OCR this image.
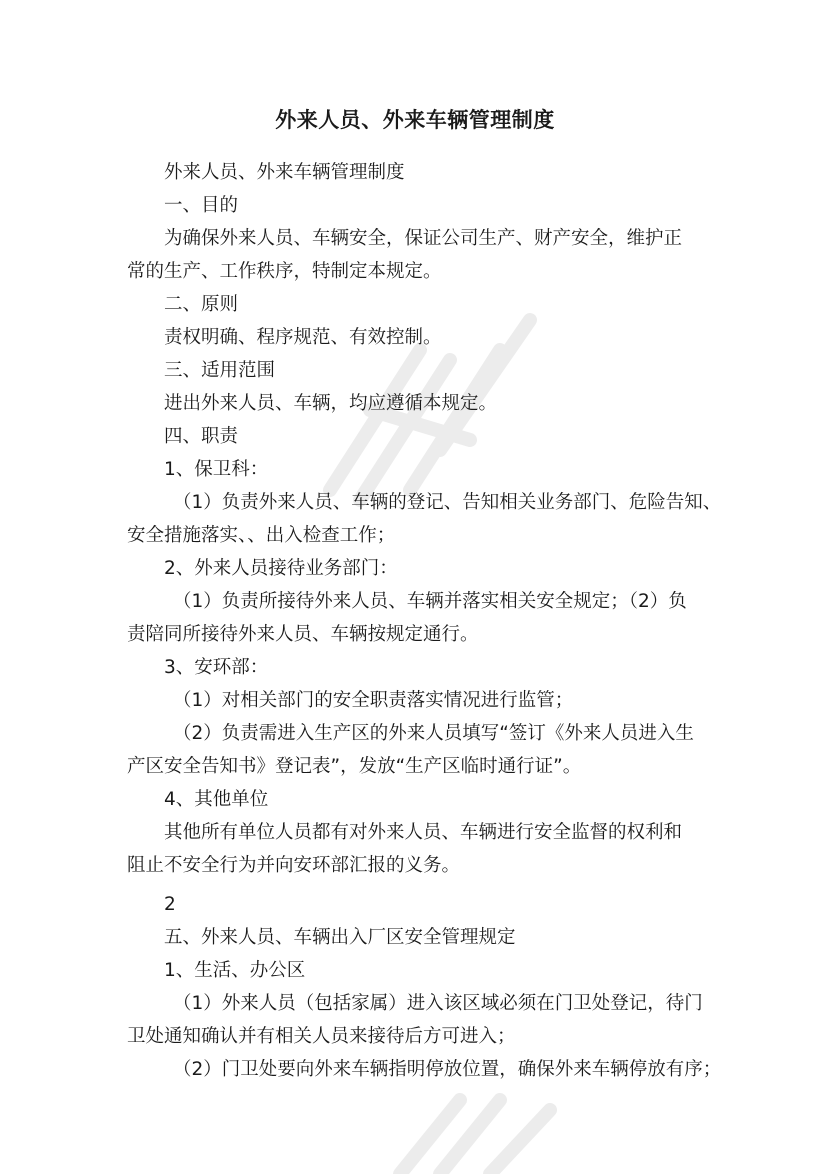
外来人员、外来车辆管理制度

外来人员、外来车辆管理制度

一、目的

为确保外来人员、车辆安全，保证公司生产、财产安全，维护正

常的生产、工作秩序，特制定本规定。

二、原则

责权明确、程序规范、有效控制。

三、适用范围

进出外来人员、车辆，均应遵循本规定。

四、职责

1、保卫科：

（1）负责外来人员、车辆的登记、告知相关业务部门、危险告知、

安全措施落实、、出入检查工作；

2、外来人员接待业务部门：

（1）负责所接待外来人员、车辆并落实相关安全规定；（2）负

责陪同所接待外来人员、车辆按规定通行。

3、安环部：

（1）对相关部门的安全职责落实情况进行监管；

（2）负责需进入生产区的外来人员填写“签订《外来人员进入生

产区安全告知书》登记表”，发放“生产区临时通行证”。

4、其他单位

其他所有单位人员都有对外来人员、车辆进行安全监督的权利和

阻止不安全行为并向安环部汇报的义务。

2

五、外来人员、车辆出入厂区安全管理规定

1、生活、办公区

（1）外来人员（包括家属）进入该区域必须在门卫处登记，待门

卫处通知确认并有相关人员来接待后方可进入；

（2）门卫处要向外来车辆指明停放位置，确保外来车辆停放有序；
